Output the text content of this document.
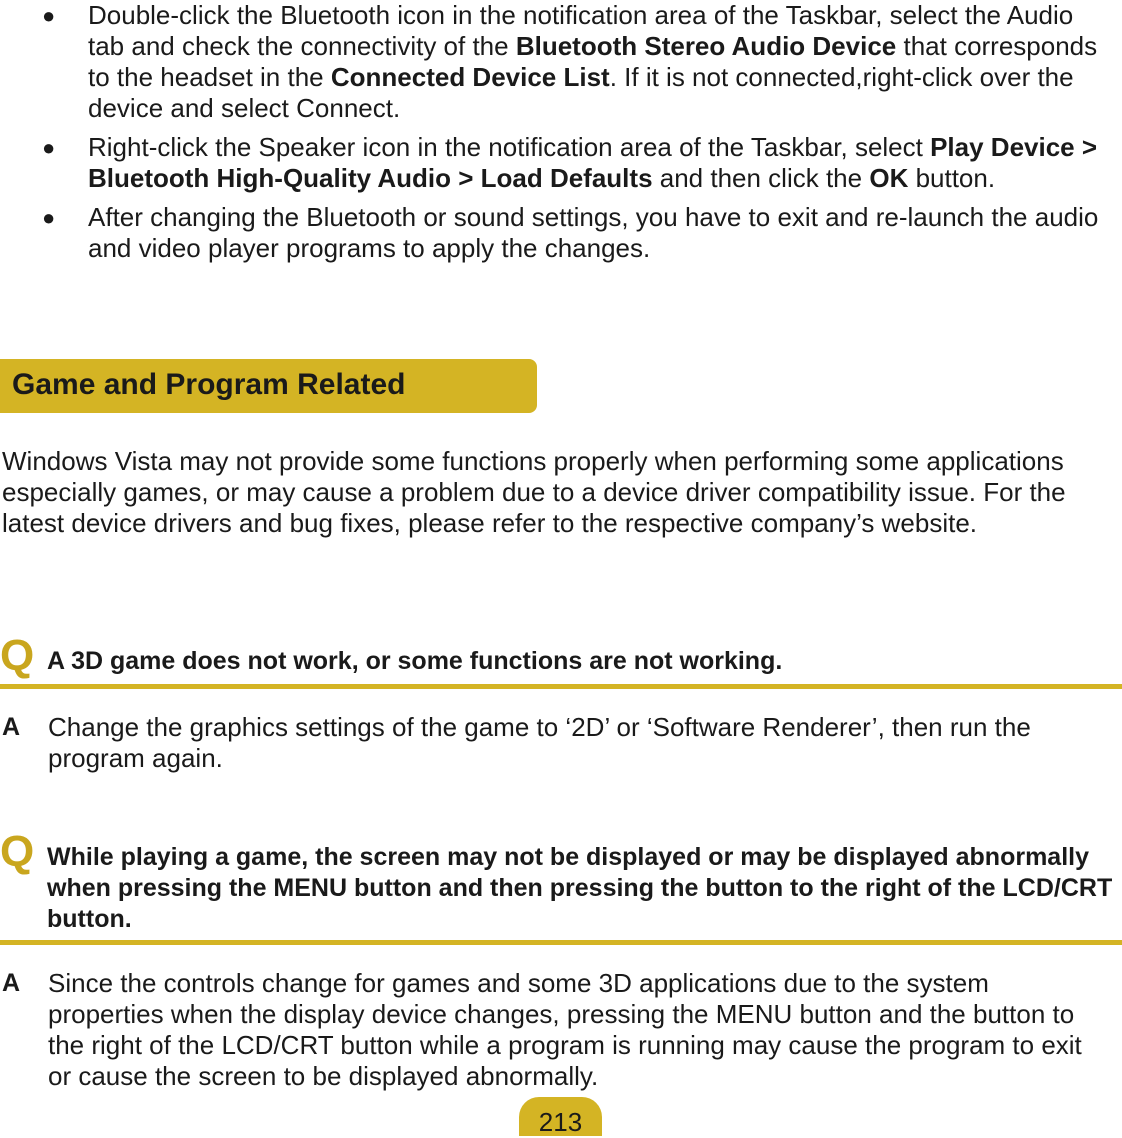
● Double-click the Bluetooth icon in the notification area of the Taskbar, select the Audio tab and check the connectivity of the Bluetooth Stereo Audio Device that corresponds to the headset in the Connected Device List. If it is not connected,right-click over the device and select Connect.
● Right-click the Speaker icon in the notification area of the Taskbar, select Play Device > Bluetooth High-Quality Audio > Load Defaults and then click the OK button.
● After changing the Bluetooth or sound settings, you have to exit and re-launch the audio and video player programs to apply the changes.
Game and Program Related
Windows Vista may not provide some functions properly when performing some applications especially games, or may cause a problem due to a device driver compatibility issue. For the latest device drivers and bug fixes, please refer to the respective company’s website.
Q A 3D game does not work, or some functions are not working.
A Change the graphics settings of the game to ‘2D’ or ‘Software Renderer’, then run the program again.
Q While playing a game, the screen may not be displayed or may be displayed abnormally when pressing the MENU button and then pressing the button to the right of the LCD/CRT button.
A Since the controls change for games and some 3D applications due to the system properties when the display device changes, pressing the MENU button and the button to the right of the LCD/CRT button while a program is running may cause the program to exit or cause the screen to be displayed abnormally.
213
